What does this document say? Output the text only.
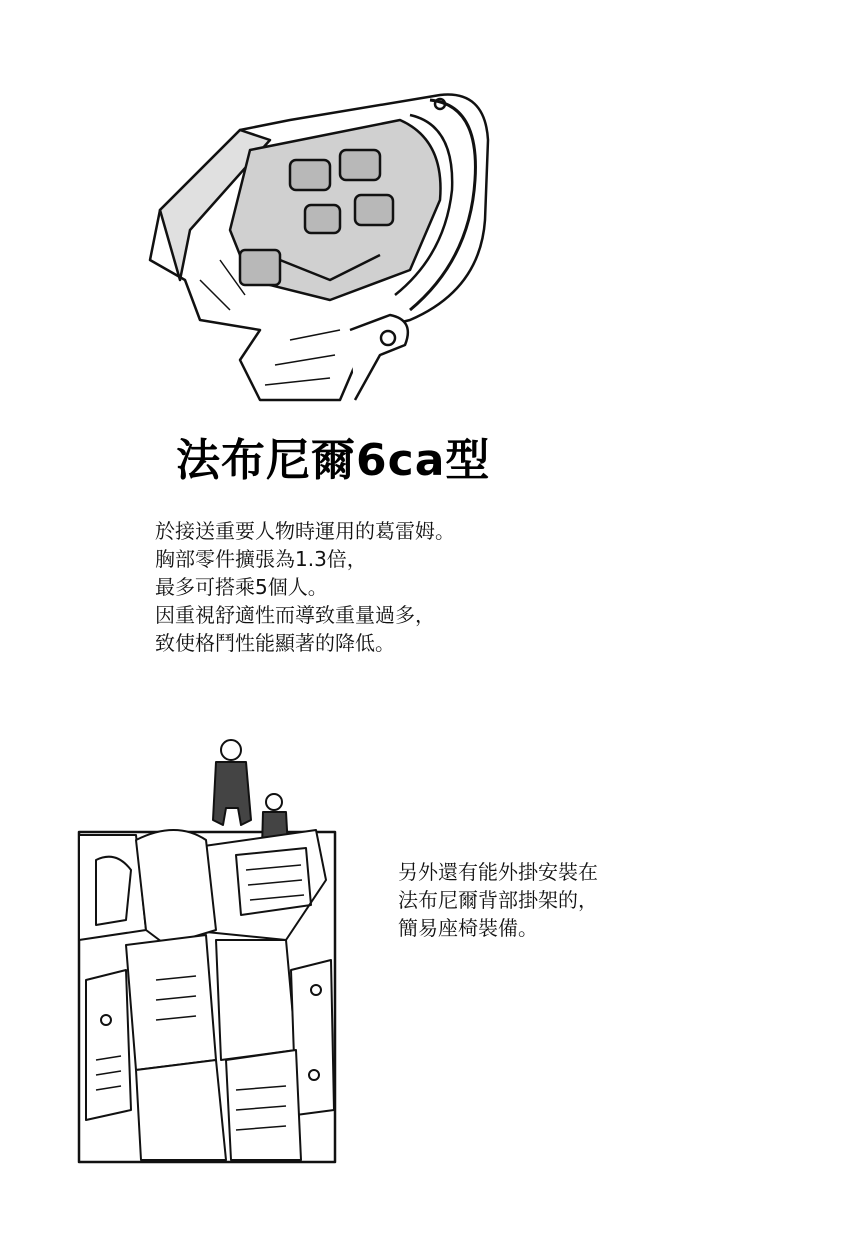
法布尼爾6ca型
於接送重要人物時運用的葛雷姆。
胸部零件擴張為1.3倍，
最多可搭乘5個人。
因重視舒適性而導致重量過多，
致使格鬥性能顯著的降低。
另外還有能外掛安裝在
法布尼爾背部掛架的，
簡易座椅裝備。
